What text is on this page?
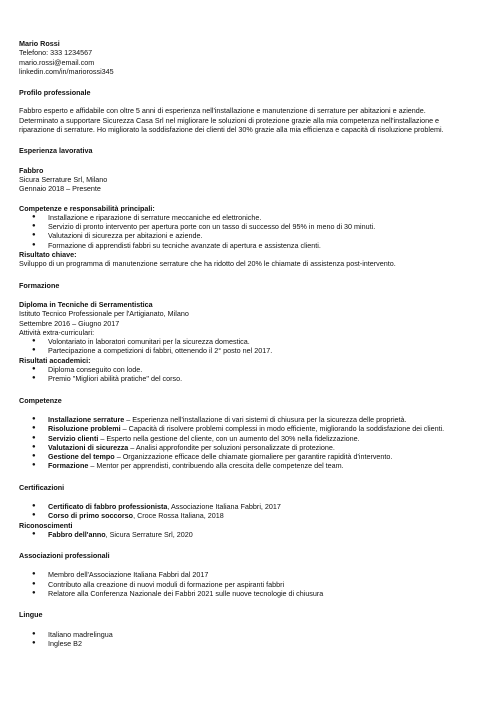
Mario Rossi
Telefono: 333 1234567
mario.rossi@email.com
linkedin.com/in/mariorossi345
Profilo professionale
Fabbro esperto e affidabile con oltre 5 anni di esperienza nell'installazione e manutenzione di serrature per abitazioni e aziende.
Determinato a supportare Sicurezza Casa Srl nel migliorare le soluzioni di protezione grazie alla mia competenza nell'installazione e
riparazione di serrature. Ho migliorato la soddisfazione dei clienti del 30% grazie alla mia efficienza e capacità di risoluzione problemi.
Esperienza lavorativa
Fabbro
Sicura Serrature Srl, Milano
Gennaio 2018 – Presente
Competenze e responsabilità principali:
● Installazione e riparazione di serrature meccaniche ed elettroniche.
● Servizio di pronto intervento per apertura porte con un tasso di successo del 95% in meno di 30 minuti.
● Valutazioni di sicurezza per abitazioni e aziende.
● Formazione di apprendisti fabbri su tecniche avanzate di apertura e assistenza clienti.
Risultato chiave:
Sviluppo di un programma di manutenzione serrature che ha ridotto del 20% le chiamate di assistenza post-intervento.
Formazione
Diploma in Tecniche di Serramentistica
Istituto Tecnico Professionale per l'Artigianato, Milano
Settembre 2016 – Giugno 2017
Attività extra-curriculari:
● Volontariato in laboratori comunitari per la sicurezza domestica.
● Partecipazione a competizioni di fabbri, ottenendo il 2° posto nel 2017.
Risultati accademici:
● Diploma conseguito con lode.
● Premio "Migliori abilità pratiche" del corso.
Competenze
● Installazione serrature – Esperienza nell'installazione di vari sistemi di chiusura per la sicurezza delle proprietà.
● Risoluzione problemi – Capacità di risolvere problemi complessi in modo efficiente, migliorando la soddisfazione dei clienti.
● Servizio clienti – Esperto nella gestione del cliente, con un aumento del 30% nella fidelizzazione.
● Valutazioni di sicurezza – Analisi approfondite per soluzioni personalizzate di protezione.
● Gestione del tempo – Organizzazione efficace delle chiamate giornaliere per garantire rapidità d'intervento.
● Formazione – Mentor per apprendisti, contribuendo alla crescita delle competenze del team.
Certificazioni
● Certificato di fabbro professionista, Associazione Italiana Fabbri, 2017
● Corso di primo soccorso, Croce Rossa Italiana, 2018
Riconoscimenti
● Fabbro dell'anno, Sicura Serrature Srl, 2020
Associazioni professionali
● Membro dell'Associazione Italiana Fabbri dal 2017
● Contributo alla creazione di nuovi moduli di formazione per aspiranti fabbri
● Relatore alla Conferenza Nazionale dei Fabbri 2021 sulle nuove tecnologie di chiusura
Lingue
● Italiano madrelingua
● Inglese B2
